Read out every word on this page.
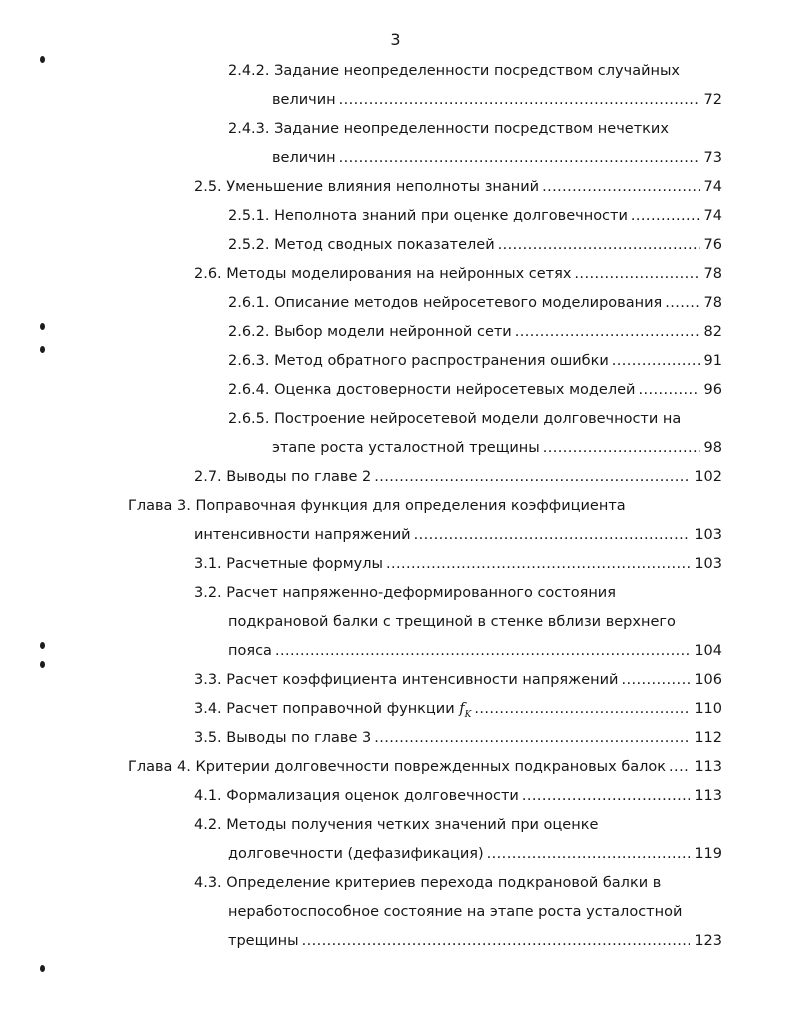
3
2.4.2.
Задание неопределенности посредством случайных
величин .....	72
2.4.3.
Задание неопределенности посредством нечетких
величин .....	73
2.5.
Уменьшение влияния неполноты знаний .....	74
2.5.1.
Неполнота знаний при оценке долговечности .....	74
2.5.2.
Метод сводных показателей .....	76
2.6.
Методы моделирования на нейронных сетях .....	78
2.6.1.
Описание методов нейросетевого моделирования .....	78
2.6.2.
Выбор модели нейронной сети .....	82
2.6.3.
Метод обратного распространения ошибки .....	91
2.6.4.
Оценка достоверности нейросетевых моделей .....	96
2.6.5.
Построение нейросетевой модели долговечности на
этапе роста усталостной трещины .....	98
2.7.
Выводы по главе 2 .....	102
Глава 3.
Поправочная функция для определения коэффициента
интенсивности напряжений .....	103
3.1.
Расчетные формулы .....	103
3.2.
Расчет напряженно-деформированного состояния
подкрановой балки с трещиной в стенке вблизи верхнего
пояса .....	104
3.3.
Расчет коэффициента интенсивности напряжений .....	106
3.4.
Расчет поправочной функции
$f_K$ .....	110
3.5.
Выводы по главе 3 .....	112
Глава 4.
Критерии долговечности поврежденных подкрановых балок ..... 113
4.1.
Формализация оценок долговечности .....	113
4.2.
Методы получения четких значений при оценке
долговечности (дефазификация) .....	119
4.3.
Определение критериев перехода подкрановой балки в
неработоспособное состояние на этапе роста усталостной
трещины .....	123
